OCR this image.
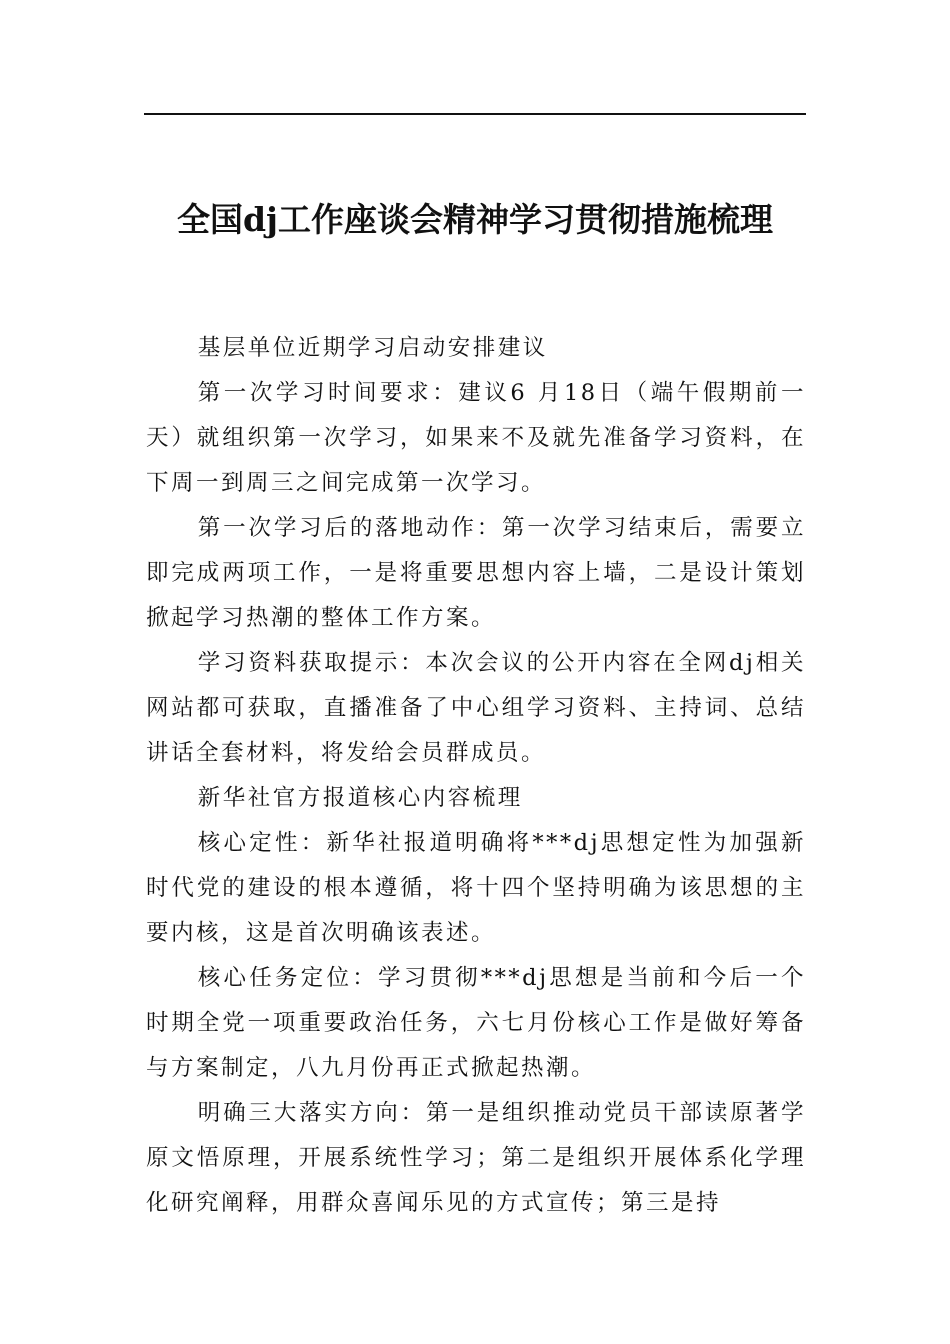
全国dj工作座谈会精神学习贯彻措施梳理

基层单位近期学习启动安排建议

第一次学习时间要求：建议6 月18日（端午假期前一天）就组织第一次学习，如果来不及就先准备学习资料，在下周一到周三之间完成第一次学习。

第一次学习后的落地动作：第一次学习结束后，需要立即完成两项工作，一是将重要思想内容上墙，二是设计策划掀起学习热潮的整体工作方案。

学习资料获取提示：本次会议的公开内容在全网dj相关网站都可获取，直播准备了中心组学习资料、主持词、总结讲话全套材料，将发给会员群成员。

新华社官方报道核心内容梳理

核心定性：新华社报道明确将***dj思想定性为加强新时代党的建设的根本遵循，将十四个坚持明确为该思想的主要内核，这是首次明确该表述。

核心任务定位：学习贯彻***dj思想是当前和今后一个时期全党一项重要政治任务，六七月份核心工作是做好筹备与方案制定，八九月份再正式掀起热潮。

明确三大落实方向：第一是组织推动党员干部读原著学原文悟原理，开展系统性学习；第二是组织开展体系化学理化研究阐释，用群众喜闻乐见的方式宣传；第三是持
